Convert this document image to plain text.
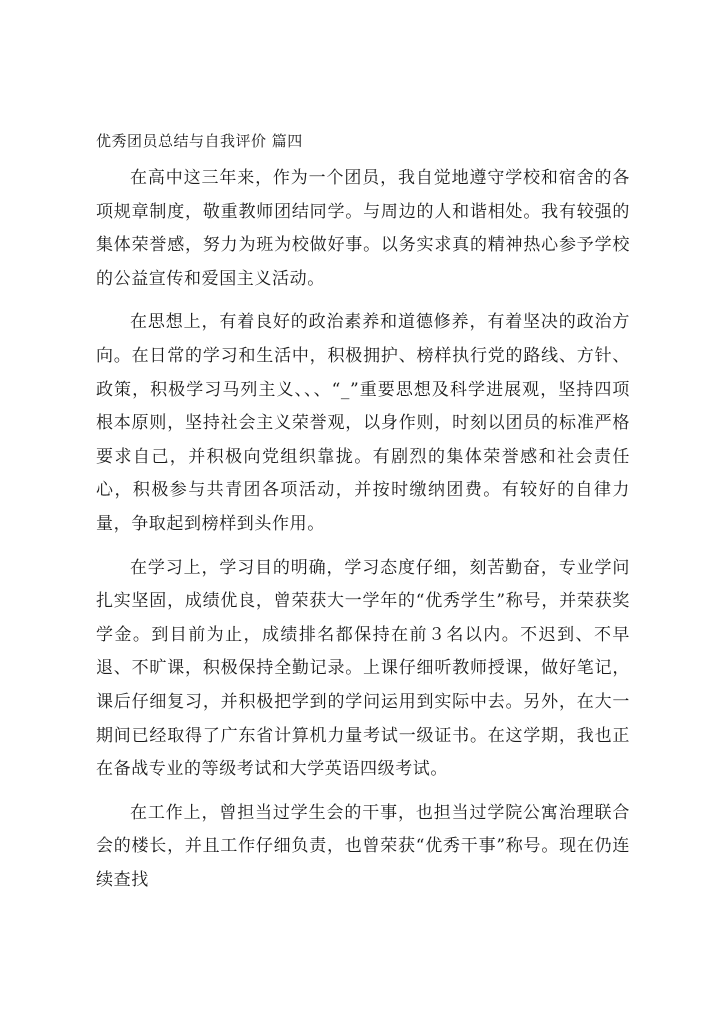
优秀团员总结与自我评价 篇四

在高中这三年来，作为一个团员，我自觉地遵守学校和宿舍的各项规章制度，敬重教师团结同学。与周边的人和谐相处。我有较强的集体荣誉感，努力为班为校做好事。以务实求真的精神热心参予学校的公益宣传和爱国主义活动。

在思想上，有着良好的政治素养和道德修养，有着坚决的政治方向。在日常的学习和生活中，积极拥护、榜样执行党的路线、方针、政策，积极学习马列主义、、、“_”重要思想及科学进展观，坚持四项根本原则，坚持社会主义荣誉观，以身作则，时刻以团员的标准严格要求自己，并积极向党组织靠拢。有剧烈的集体荣誉感和社会责任心，积极参与共青团各项活动，并按时缴纳团费。有较好的自律力量，争取起到榜样到头作用。

在学习上，学习目的明确，学习态度仔细，刻苦勤奋，专业学问扎实坚固，成绩优良，曾荣获大一学年的“优秀学生”称号，并荣获奖学金。到目前为止，成绩排名都保持在前３名以内。不迟到、不早退、不旷课，积极保持全勤记录。上课仔细听教师授课，做好笔记，课后仔细复习，并积极把学到的学问运用到实际中去。另外，在大一期间已经取得了广东省计算机力量考试一级证书。在这学期，我也正在备战专业的等级考试和大学英语四级考试。

在工作上，曾担当过学生会的干事，也担当过学院公寓治理联合会的楼长，并且工作仔细负责，也曾荣获“优秀干事”称号。现在仍连续查找
